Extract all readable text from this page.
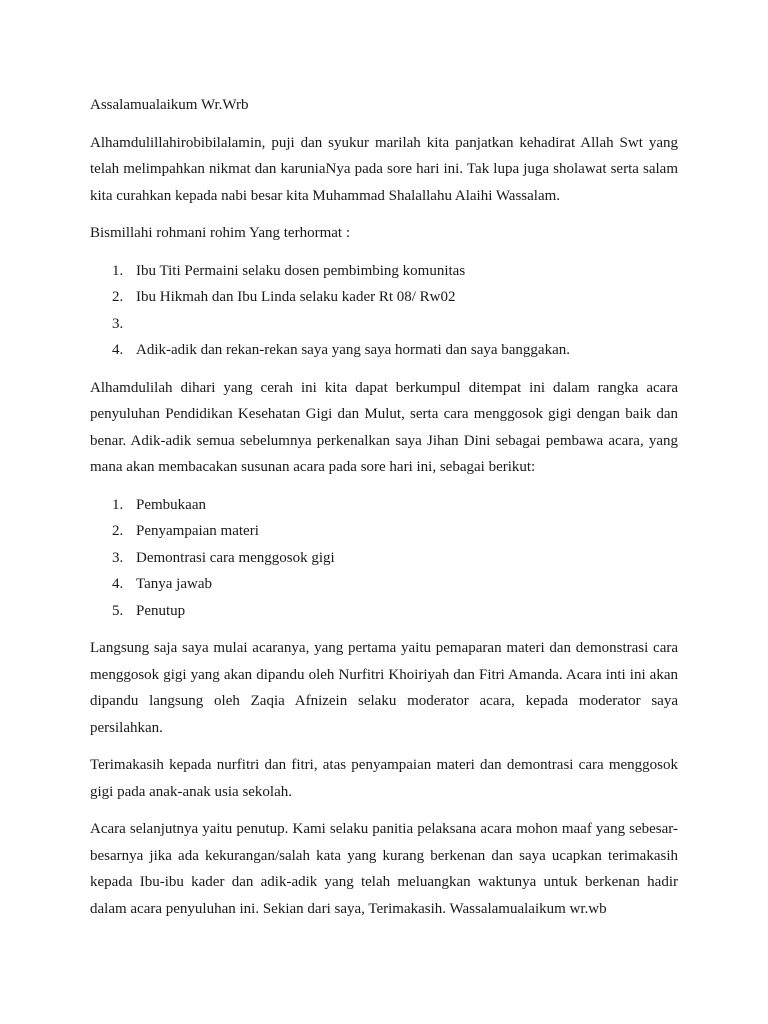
Assalamualaikum Wr.Wrb

Alhamdulillahirobibilalamin, puji dan syukur marilah kita panjatkan kehadirat Allah Swt yang telah melimpahkan nikmat dan karuniaNya pada sore hari ini. Tak lupa juga sholawat serta salam kita curahkan kepada nabi besar kita Muhammad Shalallahu Alaihi Wassalam.

Bismillahi rohmani rohim Yang terhormat :

1. Ibu Titi Permaini selaku dosen pembimbing komunitas
2. Ibu Hikmah dan Ibu Linda selaku kader Rt 08/ Rw02
3.
4. Adik-adik dan rekan-rekan saya yang saya hormati dan saya banggakan.

Alhamdulilah dihari yang cerah ini kita dapat berkumpul ditempat ini dalam rangka acara penyuluhan Pendidikan Kesehatan Gigi dan Mulut, serta cara menggosok gigi dengan baik dan benar. Adik-adik semua sebelumnya perkenalkan saya Jihan Dini sebagai pembawa acara, yang mana akan membacakan susunan acara pada sore hari ini, sebagai berikut:

1. Pembukaan
2. Penyampaian materi
3. Demontrasi cara menggosok gigi
4. Tanya jawab
5. Penutup

Langsung saja saya mulai acaranya, yang pertama yaitu pemaparan materi dan demonstrasi cara menggosok gigi yang akan dipandu oleh Nurfitri Khoiriyah dan Fitri Amanda. Acara inti ini akan dipandu langsung oleh Zaqia Afnizein selaku moderator acara, kepada moderator saya persilahkan.

Terimakasih kepada nurfitri dan fitri, atas penyampaian materi dan demontrasi cara menggosok gigi pada anak-anak usia sekolah.

Acara selanjutnya yaitu penutup. Kami selaku panitia pelaksana acara mohon maaf yang sebesar-besarnya jika ada kekurangan/salah kata yang kurang berkenan dan saya ucapkan terimakasih kepada Ibu-ibu kader dan adik-adik yang telah meluangkan waktunya untuk berkenan hadir dalam acara penyuluhan ini. Sekian dari saya, Terimakasih. Wassalamualaikum wr.wb
